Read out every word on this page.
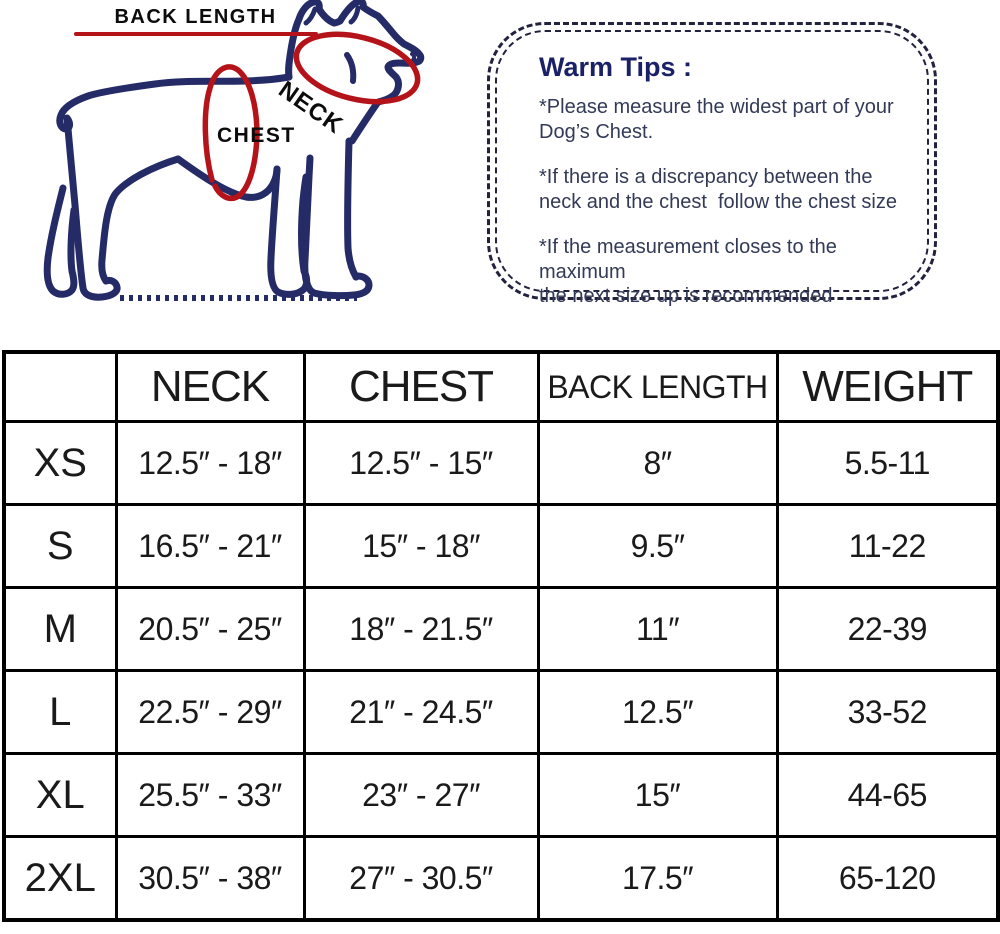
BACK LENGTH
NECK
CHEST
Warm Tips :

*Please measure the widest part of your
Dog’s Chest.

*If there is a discrepancy between the
neck and the chest  follow the chest size

*If the measurement closes to the maximum
the next size up is recommended

	NECK	CHEST	BACK LENGTH	WEIGHT
XS	12.5″ - 18″	12.5″ - 15″	8″	5.5-11
S	16.5″ - 21″	15″ - 18″	9.5″	11-22
M	20.5″ - 25″	18″ - 21.5″	11″	22-39
L	22.5″ - 29″	21″ - 24.5″	12.5″	33-52
XL	25.5″ - 33″	23″ - 27″	15″	44-65
2XL	30.5″ - 38″	27″ - 30.5″	17.5″	65-120
